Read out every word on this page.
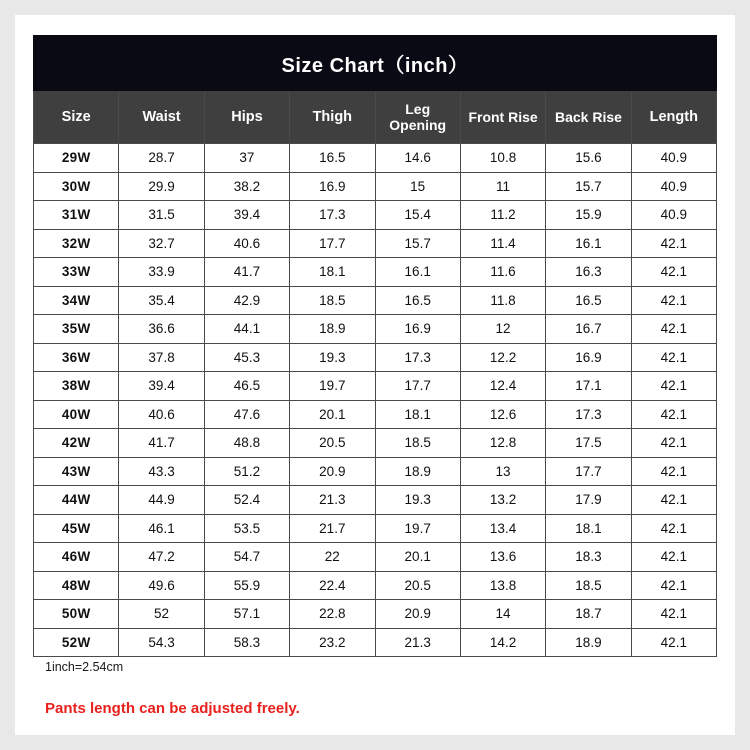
Size Chart（inch）							
Size	Waist	Hips	Thigh	Leg Opening	Front Rise	Back Rise	Length
29W	28.7	37	16.5	14.6	10.8	15.6	40.9
30W	29.9	38.2	16.9	15	11	15.7	40.9
31W	31.5	39.4	17.3	15.4	11.2	15.9	40.9
32W	32.7	40.6	17.7	15.7	11.4	16.1	42.1
33W	33.9	41.7	18.1	16.1	11.6	16.3	42.1
34W	35.4	42.9	18.5	16.5	11.8	16.5	42.1
35W	36.6	44.1	18.9	16.9	12	16.7	42.1
36W	37.8	45.3	19.3	17.3	12.2	16.9	42.1
38W	39.4	46.5	19.7	17.7	12.4	17.1	42.1
40W	40.6	47.6	20.1	18.1	12.6	17.3	42.1
42W	41.7	48.8	20.5	18.5	12.8	17.5	42.1
43W	43.3	51.2	20.9	18.9	13	17.7	42.1
44W	44.9	52.4	21.3	19.3	13.2	17.9	42.1
45W	46.1	53.5	21.7	19.7	13.4	18.1	42.1
46W	47.2	54.7	22	20.1	13.6	18.3	42.1
48W	49.6	55.9	22.4	20.5	13.8	18.5	42.1
50W	52	57.1	22.8	20.9	14	18.7	42.1
52W	54.3	58.3	23.2	21.3	14.2	18.9	42.1
1inch=2.54cm
Pants length can be adjusted freely.
